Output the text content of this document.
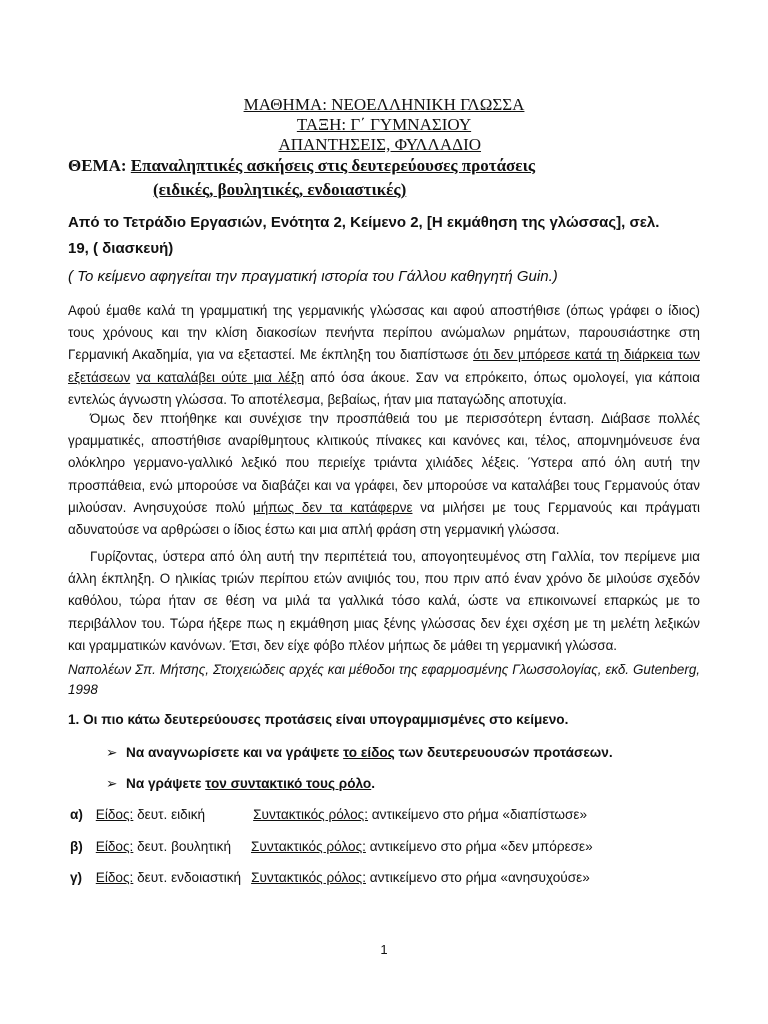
ΜΑΘΗΜΑ: ΝΕΟΕΛΛΗΝΙΚΗ ΓΛΩΣΣΑ
ΤΑΞΗ: Γ΄ ΓΥΜΝΑΣΙΟΥ
ΑΠΑΝΤΗΣΕΙΣ, ΦΥΛΛΑΔΙΟ
ΘΕΜΑ: Επαναληπτικές ασκήσεις στις δευτερεύουσες προτάσεις
(ειδικές, βουλητικές, ενδοιαστικές)
Από το Τετράδιο Εργασιών, Ενότητα 2, Κείμενο 2, [Η εκμάθηση της γλώσσας], σελ.
19, ( διασκευή)
( Το κείμενο αφηγείται την πραγματική ιστορία του Γάλλου καθηγητή Guin.)
Αφού έμαθε καλά τη γραμματική της γερμανικής γλώσσας και αφού αποστήθισε (όπως γράφει ο ίδιος) τους χρόνους και την κλίση διακοσίων πενήντα περίπου ανώμαλων ρημάτων, παρουσιάστηκε στη Γερμανική Ακαδημία, για να εξεταστεί. Με έκπληξη του διαπίστωσε ότι δεν μπόρεσε κατά τη διάρκεια των εξετάσεων να καταλάβει ούτε μια λέξη από όσα άκουε. Σαν να επρόκειτο, όπως ομολογεί, για κάποια εντελώς άγνωστη γλώσσα. Το αποτέλεσμα, βεβαίως, ήταν μια παταγώδης αποτυχία.
Όμως δεν πτοήθηκε και συνέχισε την προσπάθειά του με περισσότερη ένταση. Διάβασε πολλές γραμματικές, αποστήθισε αναρίθμητους κλιτικούς πίνακες και κανόνες και, τέλος, απομνημόνευσε ένα ολόκληρο γερμανο-γαλλικό λεξικό που περιείχε τριάντα χιλιάδες λέξεις. Ύστερα από όλη αυτή την προσπάθεια, ενώ μπορούσε να διαβάζει και να γράφει, δεν μπορούσε να καταλάβει τους Γερμανούς όταν μιλούσαν. Ανησυχούσε πολύ μήπως δεν τα κατάφερνε να μιλήσει με τους Γερμανούς και πράγματι αδυνατούσε να αρθρώσει ο ίδιος έστω και μια απλή φράση στη γερμανική γλώσσα.
Γυρίζοντας, ύστερα από όλη αυτή την περιπέτειά του, απογοητευμένος στη Γαλλία, τον περίμενε μια άλλη έκπληξη. Ο ηλικίας τριών περίπου ετών ανιψιός του, που πριν από έναν χρόνο δε μιλούσε σχεδόν καθόλου, τώρα ήταν σε θέση να μιλά τα γαλλικά τόσο καλά, ώστε να επικοινωνεί επαρκώς με το περιβάλλον του. Τώρα ήξερε πως η εκμάθηση μιας ξένης γλώσσας δεν έχει σχέση με τη μελέτη λεξικών και γραμματικών κανόνων. Έτσι, δεν είχε φόβο πλέον μήπως δε μάθει τη γερμανική γλώσσα.
Ναπολέων Σπ. Μήτσης, Στοιχειώδεις αρχές και μέθοδοι της εφαρμοσμένης Γλωσσολογίας, εκδ. Gutenberg, 1998
1. Οι πιο κάτω δευτερεύουσες προτάσεις είναι υπογραμμισμένες στο κείμενο.
➢ Να αναγνωρίσετε και να γράψετε το είδος των δευτερευουσών προτάσεων.
➢ Να γράψετε τον συντακτικό τους ρόλο.
α) Είδος: δευτ. ειδική	Συντακτικός ρόλος: αντικείμενο στο ρήμα «διαπίστωσε»
β) Είδος: δευτ. βουλητική Συντακτικός ρόλος: αντικείμενο στο ρήμα «δεν μπόρεσε»
γ) Είδος: δευτ. ενδοιαστική Συντακτικός ρόλος: αντικείμενο στο ρήμα «ανησυχούσε»
1
